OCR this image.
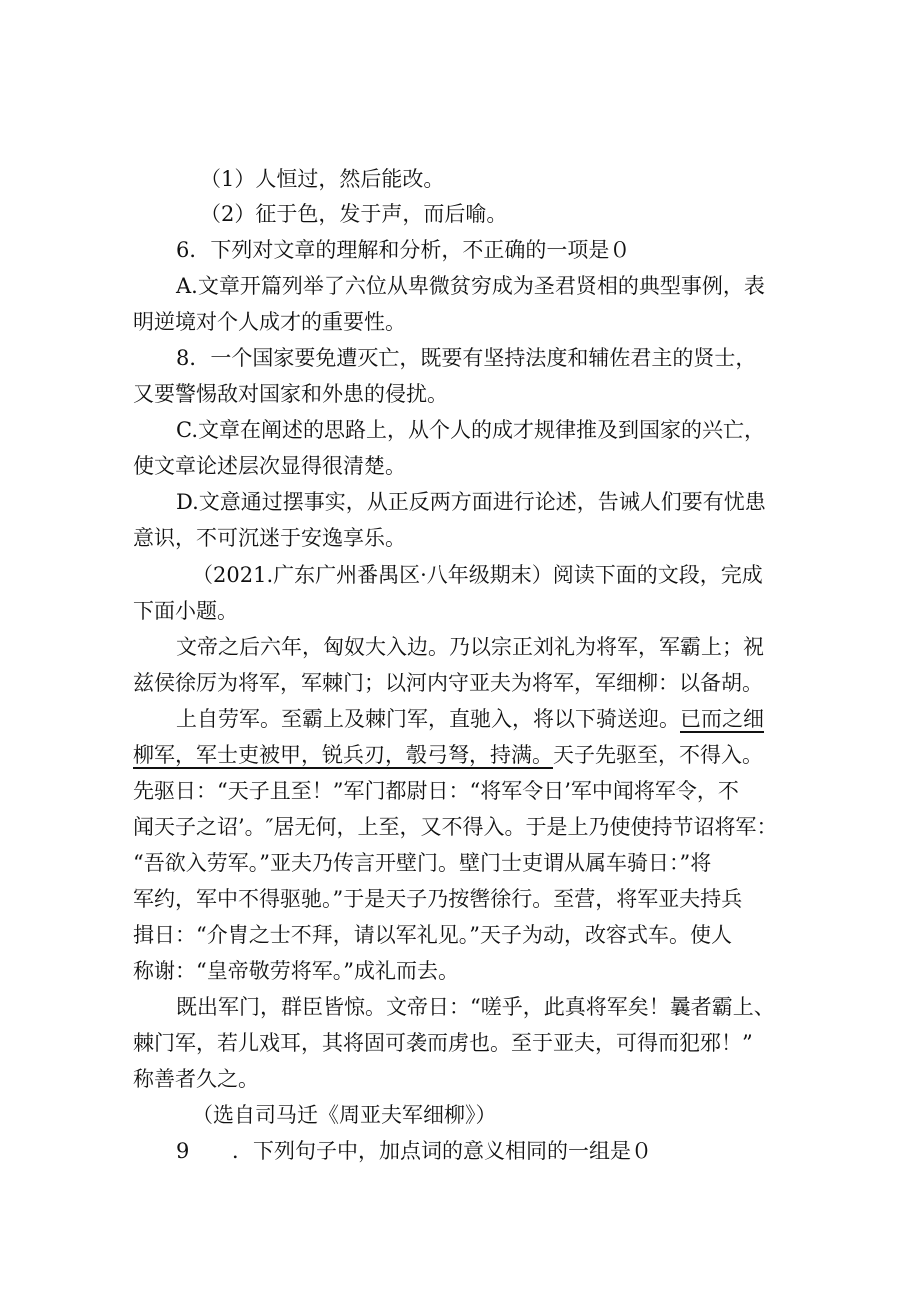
（1）人恒过，然后能改。
（2）征于色，发于声，而后喻。
6．下列对文章的理解和分析，不正确的一项是０
A.文章开篇列举了六位从卑微贫穷成为圣君贤相的典型事例，表
明逆境对个人成才的重要性。
8．一个国家要免遭灭亡，既要有坚持法度和辅佐君主的贤士，
又要警惕敌对国家和外患的侵扰。
C.文章在阐述的思路上，从个人的成才规律推及到国家的兴亡，
使文章论述层次显得很清楚。
D.文意通过摆事实，从正反两方面进行论述，告诫人们要有忧患
意识，不可沉迷于安逸享乐。
（2021.广东广州番禺区·八年级期末）阅读下面的文段，完成
下面小题。
文帝之后六年，匈奴大入边。乃以宗正刘礼为将军，军霸上；祝
兹侯徐厉为将军，军棘门；以河内守亚夫为将军，军细柳：以备胡。
上自劳军。至霸上及棘门军，直驰入，将以下骑送迎。已而之细
柳军，军士吏被甲，锐兵刃，彀弓弩，持满。天子先驱至，不得入。
先驱日：“天子且至！”军门都尉日：“将军令日’军中闻将军令，不
闻天子之诏’。″居无何，上至，又不得入。于是上乃使使持节诏将军：
“吾欲入劳军。”亚夫乃传言开壁门。壁门士吏谓从属车骑日：”将
军约，军中不得驱驰。”于是天子乃按辔徐行。至营，将军亚夫持兵
揖日：“介胄之士不拜，请以军礼见。”天子为动，改容式车。使人
称谢：“皇帝敬劳将军。”成礼而去。
既出军门，群臣皆惊。文帝日：“嗟乎，此真将军矣！曩者霸上、
棘门军，若儿戏耳，其将固可袭而虏也。至于亚夫，可得而犯邪！”
称善者久之。
（选自司马迁《周亚夫军细柳》）
9 ．下列句子中，加点词的意义相同的一组是０
